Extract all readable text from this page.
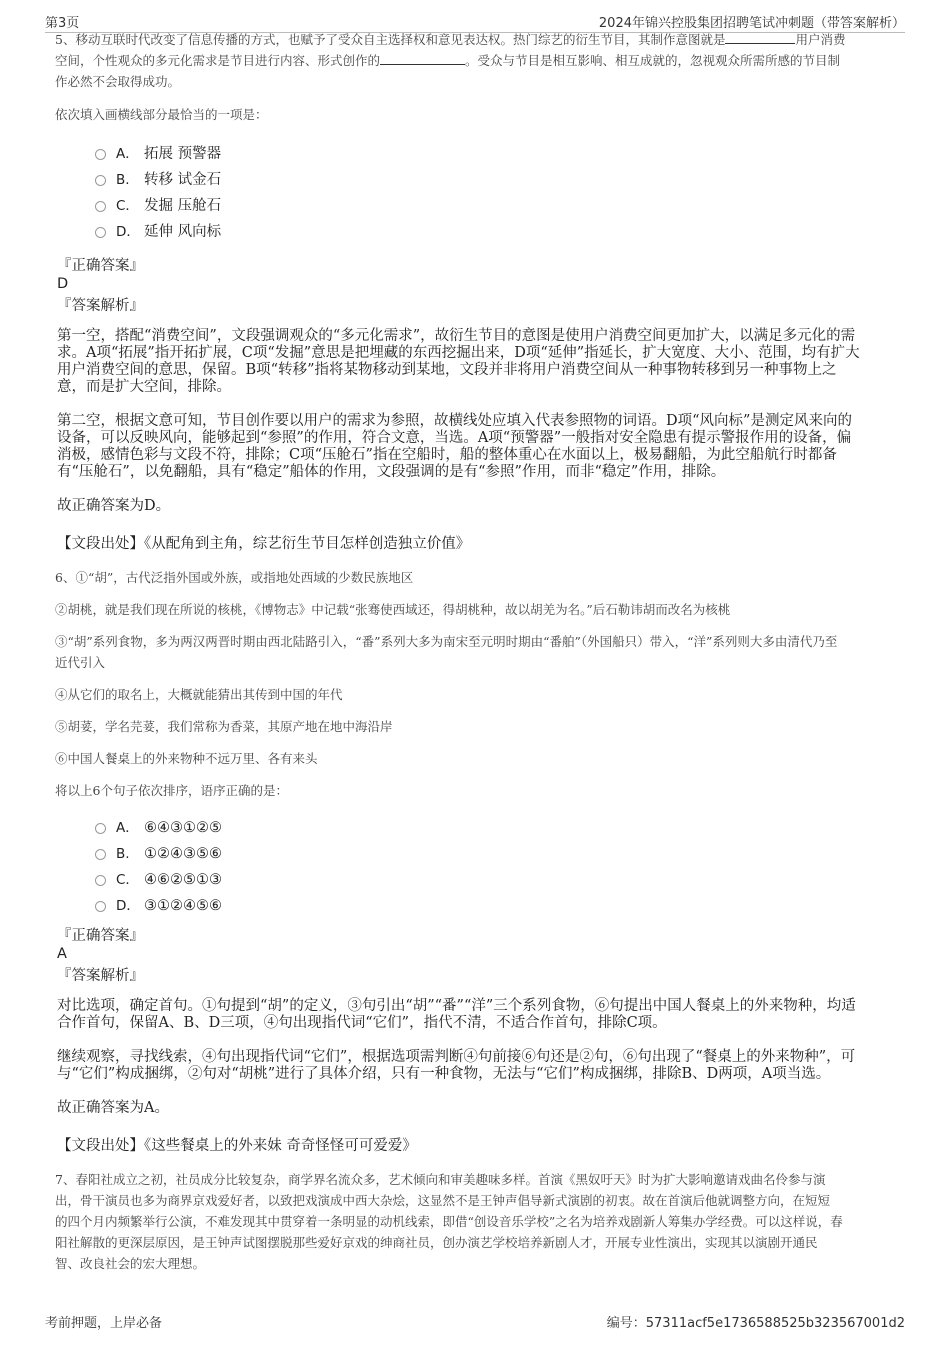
第3页	2024年锦兴控股集团招聘笔试冲刺题（带答案解析）

5、移动互联时代改变了信息传播的方式，也赋予了受众自主选择权和意见表达权。热门综艺的衍生节目，其制作意图就是	用户消费

空间，个性观众的多元化需求是节目进行内容、形式创作的	。受众与节目是相互影响、相互成就的，忽视观众所需所感的节目制

作必然不会取得成功。

依次填入画横线部分最恰当的一项是：

A． 拓展 预警器
B. 转移 试金石
C． 发掘 压舱石
D． 延伸 风向标
『正确答案』
D
『答案解析』

第一空，搭配“消费空间”，文段强调观众的“多元化需求”，故衍生节目的意图是使用户消费空间更加扩大，以满足多元化的需

求。A项“拓展”指开拓扩展，C项“发掘”意思是把埋藏的东西挖掘出来，D项“延伸”指延长，扩大宽度、大小、范围，均有扩大

用户消费空间的意思，保留。B项“转移”指将某物移动到某地，文段并非将用户消费空间从一种事物转移到另一种事物上之

意，而是扩大空间，排除。

第二空，根据文意可知，节目创作要以用户的需求为参照，故横线处应填入代表参照物的词语。D项“风向标”是测定风来向的

设备，可以反映风向，能够起到“参照”的作用，符合文意，当选。A项“预警器”一般指对安全隐患有提示警报作用的设备，偏

消极，感情色彩与文段不符，排除；C项“压舱石”指在空船时，船的整体重心在水面以上，极易翻船，为此空船航行时都备

有“压舱石”，以免翻船，具有“稳定”船体的作用，文段强调的是有“参照”作用，而非“稳定”作用，排除。

故正确答案为D。

【文段出处】《从配角到主角，综艺衍生节目怎样创造独立价值》

6、①“胡”，古代泛指外国或外族，或指地处西域的少数民族地区

②胡桃，就是我们现在所说的核桃，《博物志》中记载“张骞使西域还，得胡桃种，故以胡羌为名。”后石勒讳胡而改名为核桃

③“胡”系列食物，多为两汉两晋时期由西北陆路引入，“番”系列大多为南宋至元明时期由“番舶”（外国船只）带入，“洋”系列则大多由清代乃至

近代引入

④从它们的取名上，大概就能猜出其传到中国的年代

⑤胡荽，学名芫荽，我们常称为香菜，其原产地在地中海沿岸

⑥中国人餐桌上的外来物种不远万里、各有来头

将以上6个句子依次排序，语序正确的是：

A． ⑥④③①②⑤
B. ①②④③⑤⑥
C． ④⑥②⑤①③
D． ③①②④⑤⑥
『正确答案』
A
『答案解析』

对比选项，确定首句。①句提到“胡”的定义，③句引出“胡”“番”“洋”三个系列食物，⑥句提出中国人餐桌上的外来物种，均适

合作首句，保留A、B、D三项，④句出现指代词“它们”，指代不清，不适合作首句，排除C项。

继续观察，寻找线索，④句出现指代词“它们”，根据选项需判断④句前接⑥句还是②句，⑥句出现了“餐桌上的外来物种”，可

与“它们”构成捆绑，②句对“胡桃”进行了具体介绍，只有一种食物，无法与“它们”构成捆绑，排除B、D两项，A项当选。

故正确答案为A。

【文段出处】《这些餐桌上的外来妹 奇奇怪怪可可爱爱》

7、春阳社成立之初，社员成分比较复杂，商学界名流众多，艺术倾向和审美趣味多样。首演《黑奴吁天》时为扩大影响邀请戏曲名伶参与演

出，骨干演员也多为商界京戏爱好者，以致把戏演成中西大杂烩，这显然不是王钟声倡导新式演剧的初衷。故在首演后他就调整方向，在短短

的四个月内频繁举行公演，不难发现其中贯穿着一条明显的动机线索，即借“创设音乐学校”之名为培养戏剧新人筹集办学经费。可以这样说，春

阳社解散的更深层原因，是王钟声试图摆脱那些爱好京戏的绅商社员，创办演艺学校培养新剧人才，开展专业性演出，实现其以演剧开通民

智、改良社会的宏大理想。

考前押题，上岸必备	编号：57311acf5e1736588525b323567001d2
